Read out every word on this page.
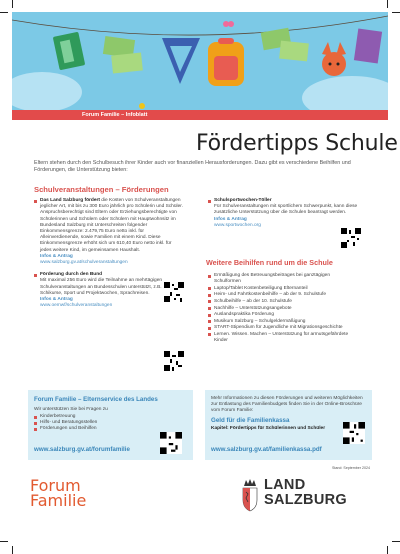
Forum Familie – Infoblatt
Fördertipps Schule
Eltern stehen durch den Schulbesuch ihrer Kinder auch vor finanziellen Herausforderungen. Dazu gibt es verschiedene Beihilfen und Förderungen, die Unterstützung bieten:
Schulveranstaltungen – Förderungen
Das Land Salzburg fördert die Kosten von Schulveranstaltungen jeglicher Art, mit bis zu 300 Euro jährlich pro Schülerin und Schüler. Anspruchsberechtigt sind Eltern oder Erziehungsberechtigte von Schülerinnen und Schülern oder Schülern mit Hauptwohnsitz im Bundesland Salzburg mit Unterschreiten folgender Einkommensgrenze: 2.479,75 Euro netto inkl. für Alleinverdienende, sowie Familien mit einem Kind. Diese Einkommensgrenze erhöht sich um 610,40 Euro netto inkl. für jedes weitere Kind, im gemeinsamen Haushalt.
Infos & Antrag
www.salzburg.gv.at/schulveranstaltungen
Förderung durch den Bund
Mit maximal 256 Euro wird die Teilnahme an mehrtägigen Schulveranstaltungen an Bundesschulen unterstützt, z.B. Schikurse, Sport und Projektwochen, Sprachreisen.
Infos & Antrag
www.oemwf/schulveranstaltungen
Schulsportwochen-Töller
Für Schulveranstaltungen mit sportlichem Schwerpunkt, kann diese zusätzliche Unterstützung über die Schulen beantragt werden.
Infos & Antrag
www.sportwochen.org
Weitere Beihilfen rund um die Schule
Ermäßigung des Betreuungsbeitrages bei ganztägigen Schulformen
Laptop/Tablet Kostenbeteiligung Elternanteil
Heim- und Fahrtkostenbeihilfe – ab der 9. Schulstufe
Schulbeihilfe – ab der 10. Schulstufe
Nachhilfe – Unterstützungsangebote
Auslandspraktika Förderung
Musikum Salzburg – Schulgeldermäßigung
START-Stipendium für Jugendliche mit Migrationsgeschichte
Lernen. Wissen. Machen – Unterstützung für armutsgefährdete Kinder
Forum Familie – Elternservice des Landes
Wir unterstützen Sie bei Fragen zu
Kinderbetreuung
Hilfs- und Beratungsstellen
Förderungen und Beihilfen
www.salzburg.gv.at/forumfamilie
Mehr Informationen zu diesen Förderungen und weiteren Möglichkeiten zur Entlastung des Familienbudgets finden Sie in der Online-Broschüre vom Forum Familie:
Geld für die Familienkassa
Kapitel: Fördertipps für Schülerinnen und Schüler
www.salzburg.gv.at/familienkassa.pdf
Stand: September 2024
Forum
Familie
LAND
SALZBURG
